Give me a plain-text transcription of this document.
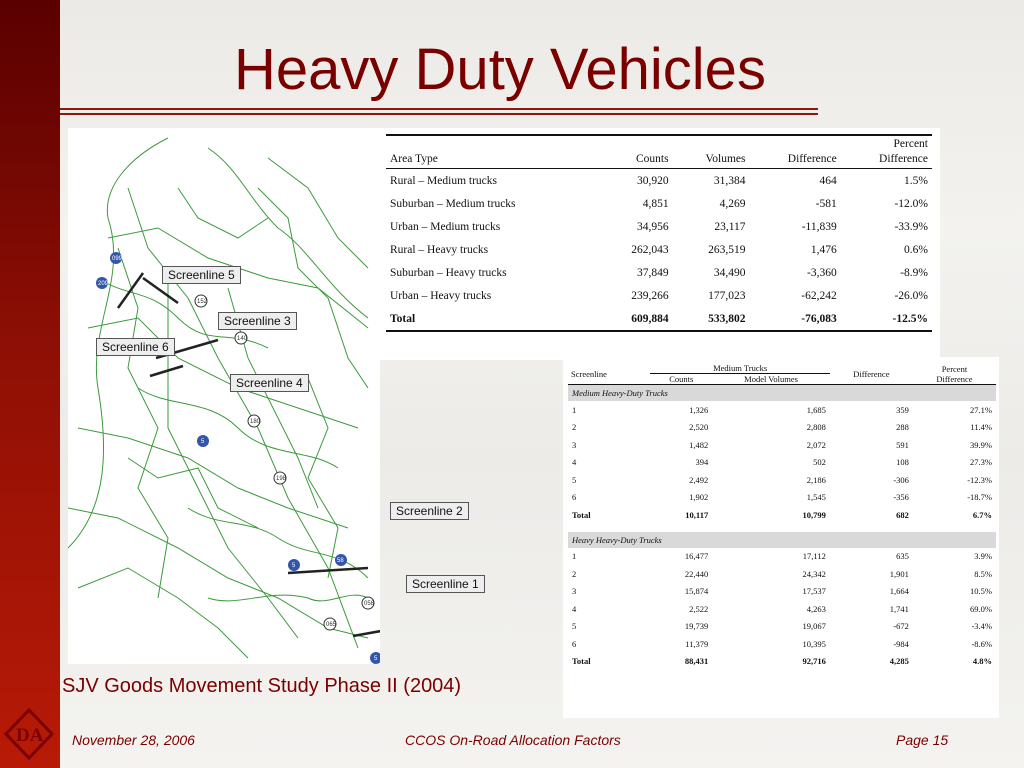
Heavy Duty Vehicles
099
209
152
140
180
5
198
58
5
058
065
5
Screenline 5
Screenline 3
Screenline 6
Screenline 4
Screenline 2
Screenline 1
Area Type	Counts	Volumes	Difference	Percent
Difference
Rural – Medium trucks	30,920	31,384	464	1.5%
Suburban – Medium trucks	4,851	4,269	-581	-12.0%
Urban – Medium trucks	34,956	23,117	-11,839	-33.9%
Rural – Heavy trucks	262,043	263,519	1,476	0.6%
Suburban – Heavy trucks	37,849	34,490	-3,360	-8.9%
Urban – Heavy trucks	239,266	177,023	-62,242	-26.0%
Total	609,884	533,802	-76,083	-12.5%
Screenline	Medium Trucks		Difference	Percent
Difference
	Counts	Model Volumes		
Medium Heavy-Duty Trucks				
1	1,326	1,685	359	27.1%
2	2,520	2,808	288	11.4%
3	1,482	2,072	591	39.9%
4	394	502	108	27.3%
5	2,492	2,186	-306	-12.3%
6	1,902	1,545	-356	-18.7%
Total	10,117	10,799	682	6.7%

Heavy Heavy-Duty Trucks				
1	16,477	17,112	635	3.9%
2	22,440	24,342	1,901	8.5%
3	15,874	17,537	1,664	10.5%
4	2,522	4,263	1,741	69.0%
5	19,739	19,067	-672	-3.4%
6	11,379	10,395	-984	-8.6%
Total	88,431	92,716	4,285	4.8%
SJV Goods Movement Study Phase II (2004)
DA November 28, 2006	CCOS On-Road Allocation Factors	Page 15
